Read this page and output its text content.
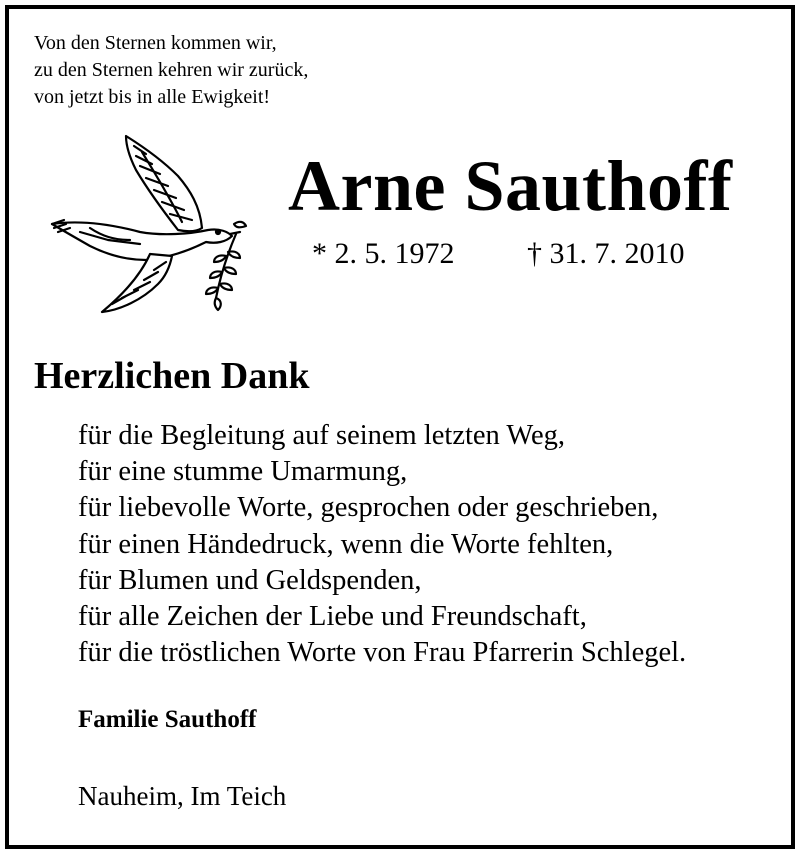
Von den Sternen kommen wir,
zu den Sternen kehren wir zurück,
von jetzt bis in alle Ewigkeit!
Arne Sauthoff
* 2. 5. 1972 † 31. 7. 2010
Herzlichen Dank
für die Begleitung auf seinem letzten Weg,
für eine stumme Umarmung,
für liebevolle Worte, gesprochen oder geschrieben,
für einen Händedruck, wenn die Worte fehlten,
für Blumen und Geldspenden,
für alle Zeichen der Liebe und Freundschaft,
für die tröstlichen Worte von Frau Pfarrerin Schlegel.
Familie Sauthoff
Nauheim, Im Teich
